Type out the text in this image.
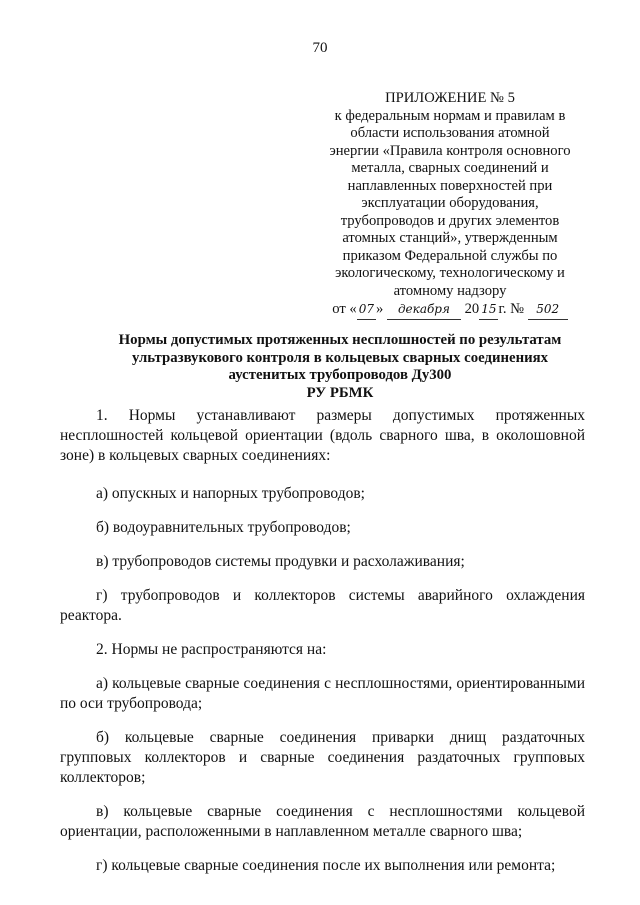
70
ПРИЛОЖЕНИЕ № 5
к федеральным нормам и правилам в
области использования атомной
энергии «Правила контроля основного
металла, сварных соединений и
наплавленных поверхностей при
эксплуатации оборудования,
трубопроводов и других элементов
атомных станций», утвержденным
приказом Федеральной службы по
экологическому, технологическому и
атомному надзору
от « 07 » декабря 20 15 г. № 502
Нормы допустимых протяженных несплошностей по результатам
ультразвукового контроля в кольцевых сварных соединениях
аустенитых трубопроводов Ду300
РУ РБМК

1. Нормы устанавливают размеры допустимых протяженных несплошностей кольцевой ориентации (вдоль сварного шва, в околошовной зоне) в кольцевых сварных соединениях:

а) опускных и напорных трубопроводов;

б) водоуравнительных трубопроводов;

в) трубопроводов системы продувки и расхолаживания;

г) трубопроводов и коллекторов системы аварийного охлаждения реактора.

2. Нормы не распространяются на:

а) кольцевые сварные соединения с несплошностями, ориентированными по оси трубопровода;

б) кольцевые сварные соединения приварки днищ раздаточных групповых коллекторов и сварные соединения раздаточных групповых коллекторов;

в) кольцевые сварные соединения с несплошностями кольцевой ориентации, расположенными в наплавленном металле сварного шва;

г) кольцевые сварные соединения после их выполнения или ремонта;
